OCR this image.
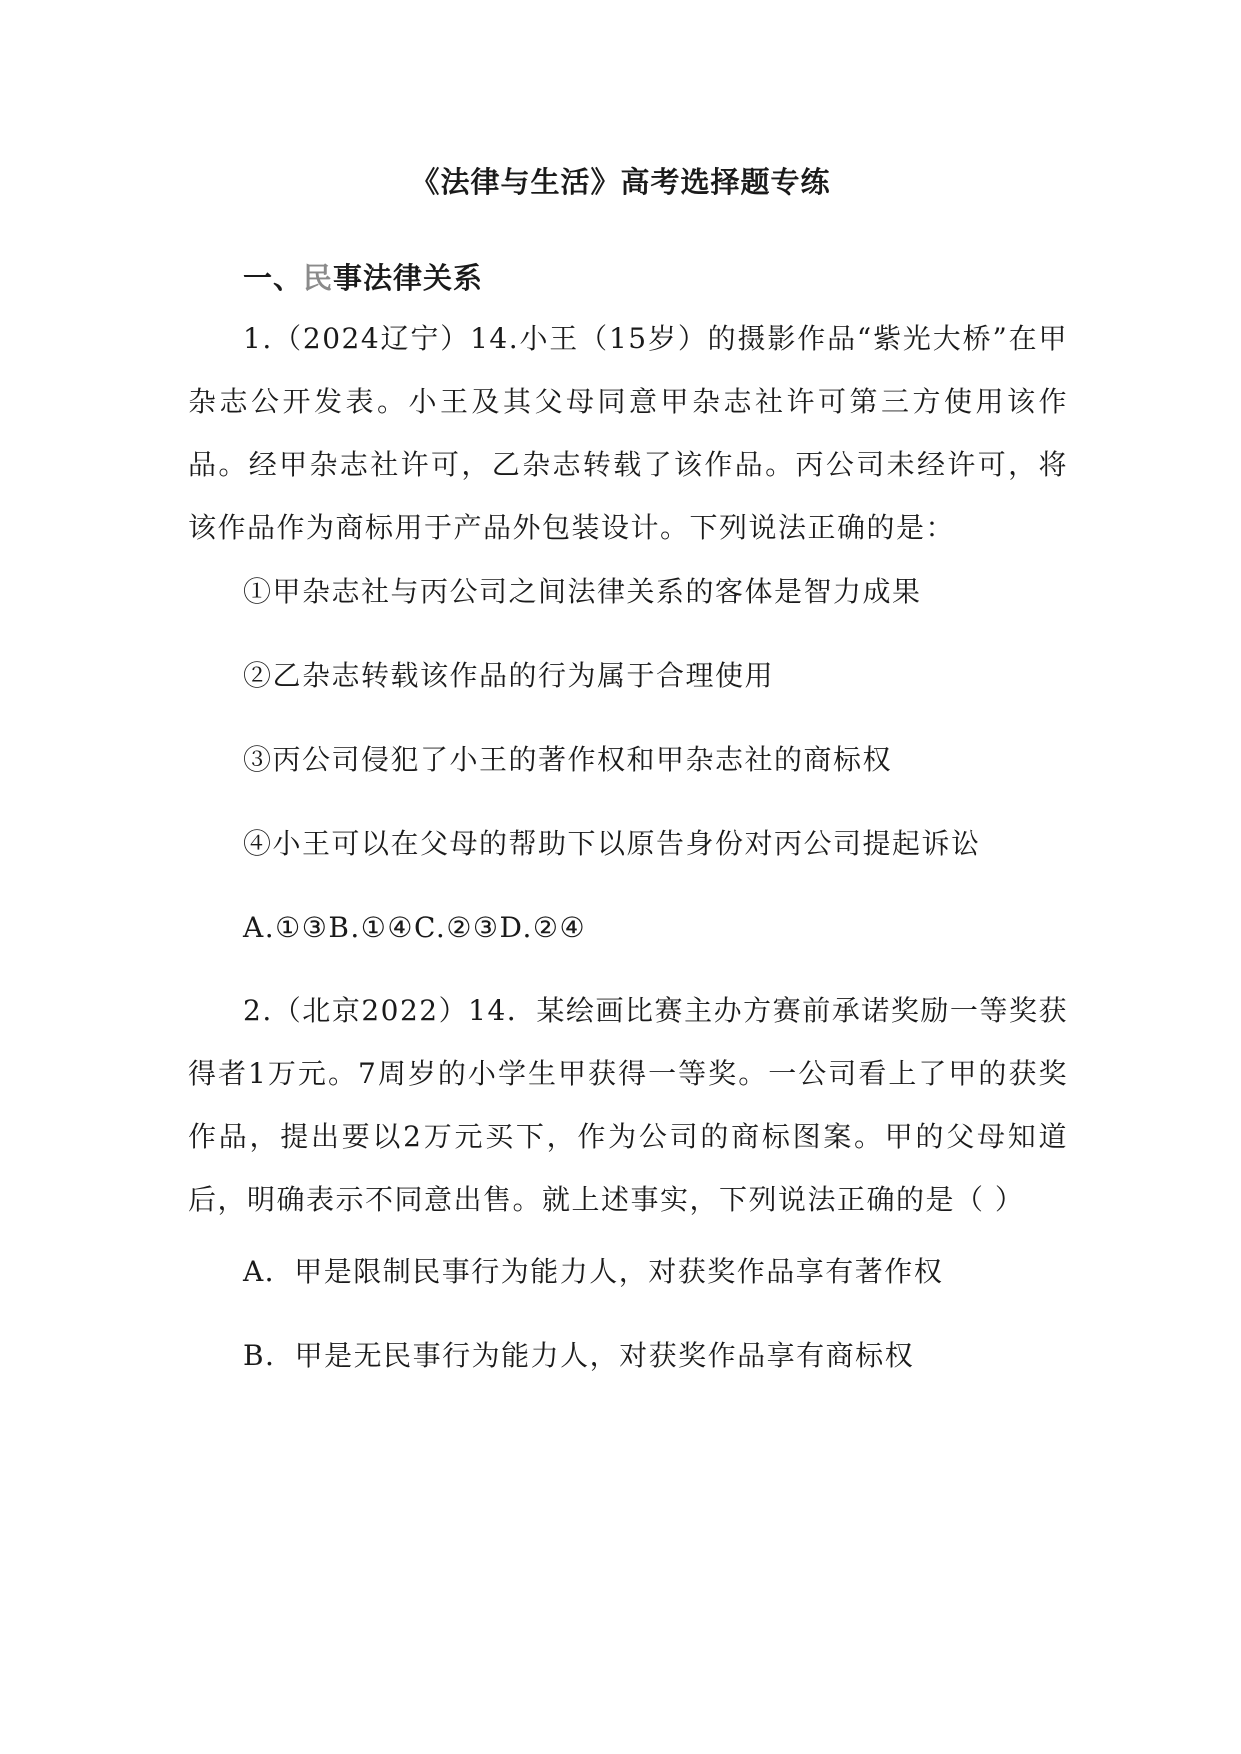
《法律与生活》高考选择题专练
一、民事法律关系

1.（2024辽宁）14.小王（15岁）的摄影作品“紫光大桥”在甲杂志公开发表。小王及其父母同意甲杂志社许可第三方使用该作品。经甲杂志社许可，乙杂志转载了该作品。丙公司未经许可，将该作品作为商标用于产品外包装设计。下列说法正确的是：

①甲杂志社与丙公司之间法律关系的客体是智力成果
②乙杂志转载该作品的行为属于合理使用
③丙公司侵犯了小王的著作权和甲杂志社的商标权
④小王可以在父母的帮助下以原告身份对丙公司提起诉讼
A.①③B.①④C.②③D.②④

2.（北京2022）14．某绘画比赛主办方赛前承诺奖励一等奖获得者1万元。7周岁的小学生甲获得一等奖。一公司看上了甲的获奖作品，提出要以2万元买下，作为公司的商标图案。甲的父母知道后，明确表示不同意出售。就上述事实，下列说法正确的是（ ）

A．甲是限制民事行为能力人，对获奖作品享有著作权
B．甲是无民事行为能力人，对获奖作品享有商标权
